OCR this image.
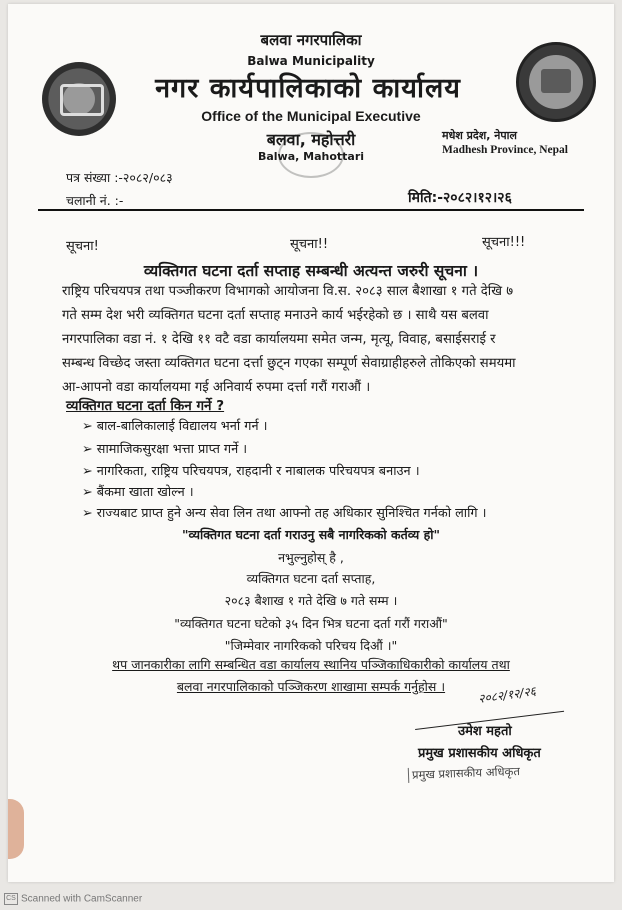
बलवा नगरपालिका
Balwa Municipality
नगर कार्यपालिकाको कार्यालय
Office of the Municipal Executive
बलवा, महोत्तरी
Balwa, Mahottari
मधेश प्रदेश, नेपाल
Madhesh Province, Nepal
पत्र संख्या :-२०८२/०८३
चलानी नं. :-	मिति:-२०८२।१२।२६
सूचना!	सूचना!!	सूचना!!!
व्यक्तिगत घटना दर्ता सप्ताह सम्बन्धी अत्यन्त जरुरी सूचना ।
राष्ट्रिय परिचयपत्र तथा पञ्जीकरण विभागको आयोजना वि.स. २०८३ साल बैशाखा १ गते देखि ७
गते सम्म देश भरी व्यक्तिगत घटना दर्ता सप्ताह मनाउने कार्य भईरहेको छ । साथै यस बलवा
नगरपालिका वडा नं. १ देखि ११ वटै वडा कार्यालयमा समेत जन्म, मृत्यू, विवाह, बसाईसराई र
सम्बन्ध विच्छेद जस्ता व्यक्तिगत घटना दर्त्ता छुट्न गएका सम्पूर्ण सेवाग्राहीहरुले तोकिएको समयमा
आ-आपनो वडा कार्यालयमा गई अनिवार्य रुपमा दर्त्ता गरौं गराऔं ।
व्यक्तिगत घटना दर्ता किन गर्ने ?
➢ बाल-बालिकालाई विद्यालय भर्ना गर्न ।
➢ सामाजिकसुरक्षा भत्ता प्राप्त गर्ने ।
➢ नागरिकता, राष्ट्रिय परिचयपत्र, राहदानी र नाबालक परिचयपत्र बनाउन ।
➢ बैंकमा खाता खोल्न ।
➢ राज्यबाट प्राप्त हुने अन्य सेवा लिन तथा आफ्नो तह अधिकार सुनिश्चित गर्नको लागि ।
"व्यक्तिगत घटना दर्ता गराउनु सबै नागरिकको कर्तव्य हो"
नभुल्नुहोस् है ,
व्यक्तिगत घटना दर्ता सप्ताह,
२०८३ बैशाख १ गते देखि ७ गते सम्म ।
"व्यक्तिगत घटना घटेको ३५ दिन भित्र घटना दर्ता गरौं गराऔं"
"जिम्मेवार नागरिकको परिचय दिऔं ।"
थप जानकारीका लागि सम्बन्धित वडा कार्यालय स्थानिय पञ्जिकाधिकारीको कार्यालय तथा
बलवा नगरपालिकाको पञ्जिकरण शाखामा सम्पर्क गर्नुहोस ।	२०८२/१२/२६
उमेश महतो
प्रमुख प्रशासकीय अधिकृत
प्रमुख प्रशासकीय अधिकृत
CS Scanned with CamScanner
